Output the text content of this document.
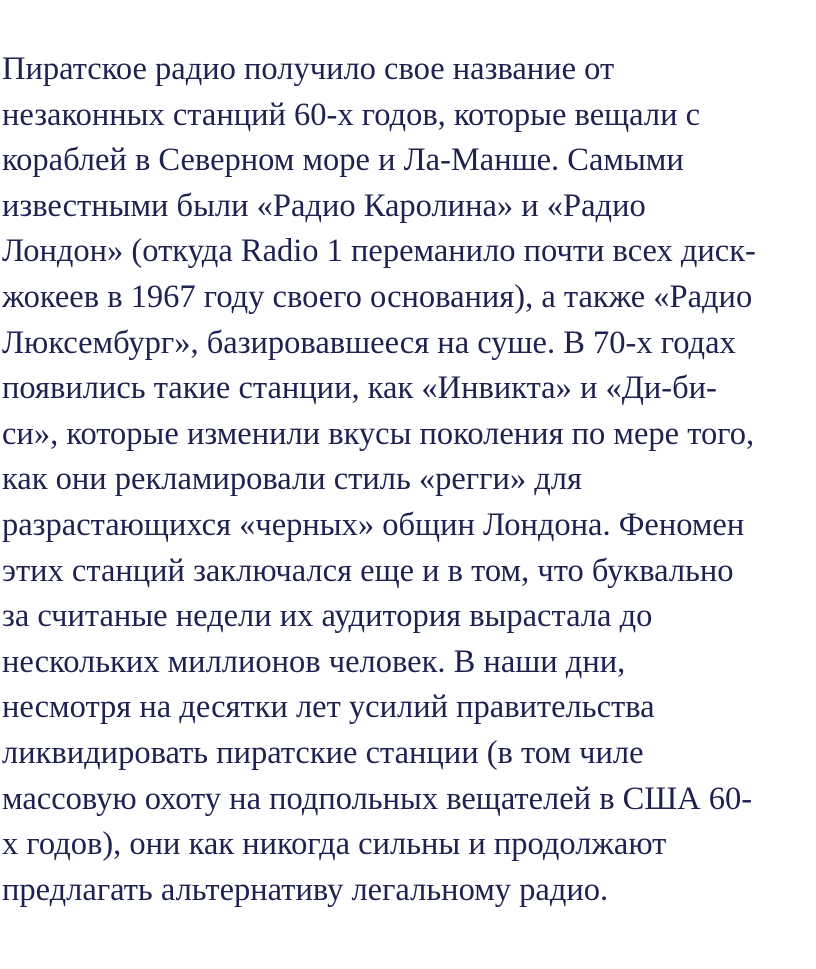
Пиратское радио получило свое название от
незаконных станций 60-х годов, которые вещали с
кораблей в Северном море и Ла-Манше. Самыми
известными были «Радио Каролина» и «Радио
Лондон» (откуда Radio 1 переманило почти всех диск-
жокеев в 1967 году своего основания), а также «Радио
Люксембург», базировавшееся на суше. В 70-х годах
появились такие станции, как «Инвикта» и «Ди-би-
си», которые изменили вкусы поколения по мере того,
как они рекламировали стиль «регги» для
разрастающихся «черных» общин Лондона. Феномен
этих станций заключался еще и в том, что буквально
за считаные недели их аудитория вырастала до
нескольких миллионов человек. В наши дни,
несмотря на десятки лет усилий правительства
ликвидировать пиратские станции (в том чиле
массовую охоту на подпольных вещателей в США 60-
х годов), они как никогда сильны и продолжают
предлагать альтернативу легальному радио.
